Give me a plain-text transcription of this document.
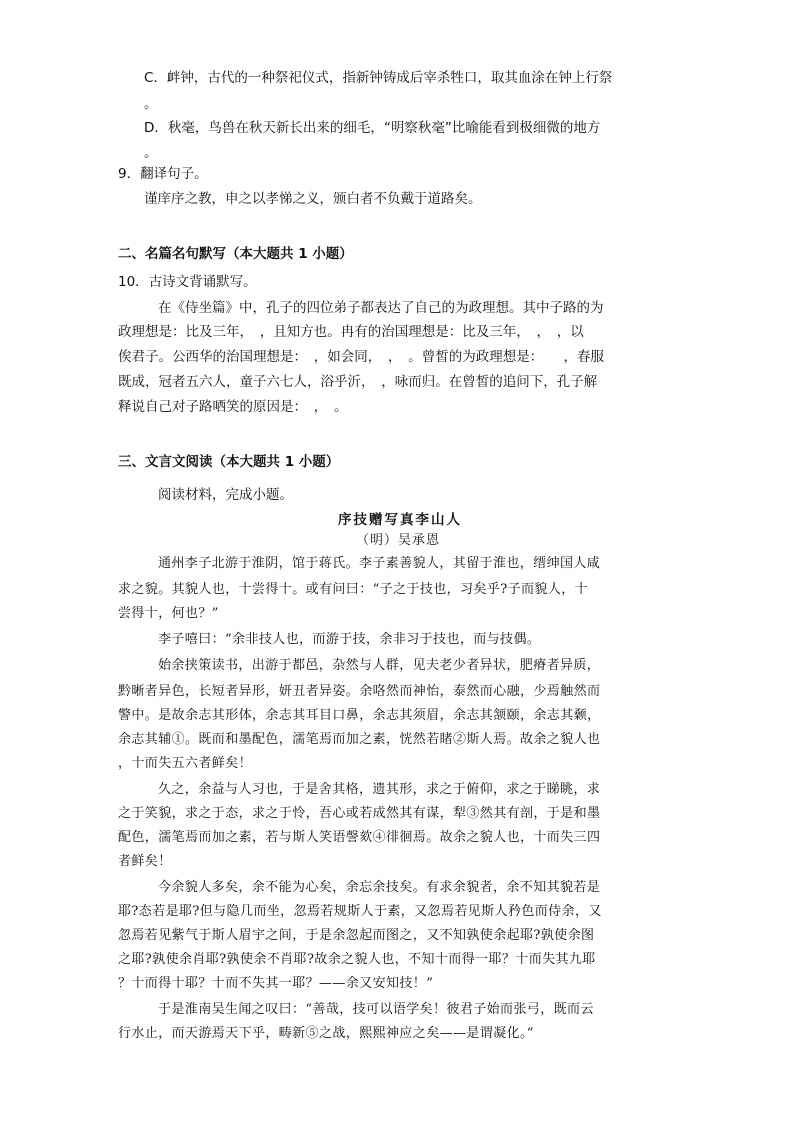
C．衅钟，古代的一种祭祀仪式，指新钟铸成后宰杀牲口，取其血涂在钟上行祭

。

D．秋毫，鸟兽在秋天新长出来的细毛，“明察秋毫”比喻能看到极细微的地方

。

9．翻译句子。

谨庠序之教，申之以孝悌之义，颁白者不负戴于道路矣。

二、名篇名句默写（本大题共 1 小题）

10．古诗文背诵默写。

在《侍坐篇》中，孔子的四位弟子都表达了自己的为政理想。其中子路的为

政理想是：比及三年，　，且知方也。冉有的治国理想是：比及三年，　，　，以

俟君子。公西华的治国理想是：　，如会同，　，　。曾皙的为政理想是：　　，春服

既成，冠者五六人，童子六七人，浴乎沂，　，咏而归。在曾皙的追问下，孔子解

释说自己对子路哂笑的原因是：　，　。

三、文言文阅读（本大题共 1 小题）

阅读材料，完成小题。

序技赠写真李山人

（明）吴承恩

通州李子北游于淮阴，馆于蒋氏。李子素善貌人，其留于淮也，缙绅国人咸

求之貌。其貌人也，十尝得十。或有问曰：“子之于技也，习矣乎?子而貌人，十

尝得十，何也？”

李子嘻曰：“余非技人也，而游于技，余非习于技也，而与技偶。

始余挟策读书，出游于都邑，杂然与人群，见夫老少者异状，肥瘠者异质，

黔晰者异色，长短者异形，妍丑者异姿。余咯然而神怡，泰然而心融，少焉触然而

警中。是故余志其形体，余志其耳目口鼻，余志其须眉，余志其颔颐，余志其颡，

余志其辅①。既而和墨配色，濡笔焉而加之素，恍然若睹②斯人焉。故余之貌人也

，十而失五六者鲜矣！

久之，余益与人习也，于是舍其格，遗其形，求之于俯仰，求之于睇眺，求

之于笑貌，求之于态，求之于怜，吾心或若成然其有谋，犁③然其有剖，于是和墨

配色，濡笔焉而加之素，若与斯人笑语謦欬④徘徊焉。故余之貌人也，十而失三四

者鲜矣！

今余貌人多矣，余不能为心矣，余忘余技矣。有求余貌者，余不知其貌若是

耶?态若是耶?但与隐几而坐，忽焉若规斯人于素，又忽焉若见斯人矜色而侍余，又

忽焉若见紫气于斯人眉宇之间，于是余忽起而图之，又不知孰使余起耶?孰使余图

之耶?孰使余肖耶?孰使余不肖耶?故余之貌人也，不知十而得一耶？十而失其九耶

？十而得十耶？十而不失其一耶？——余又安知技！”

于是淮南吴生闻之叹曰：“善哉，技可以语学矣！彼君子始而张弓，既而云

行水止，而天游焉天下乎，畴新⑤之战，熙熙神应之矣——是谓凝化。”
